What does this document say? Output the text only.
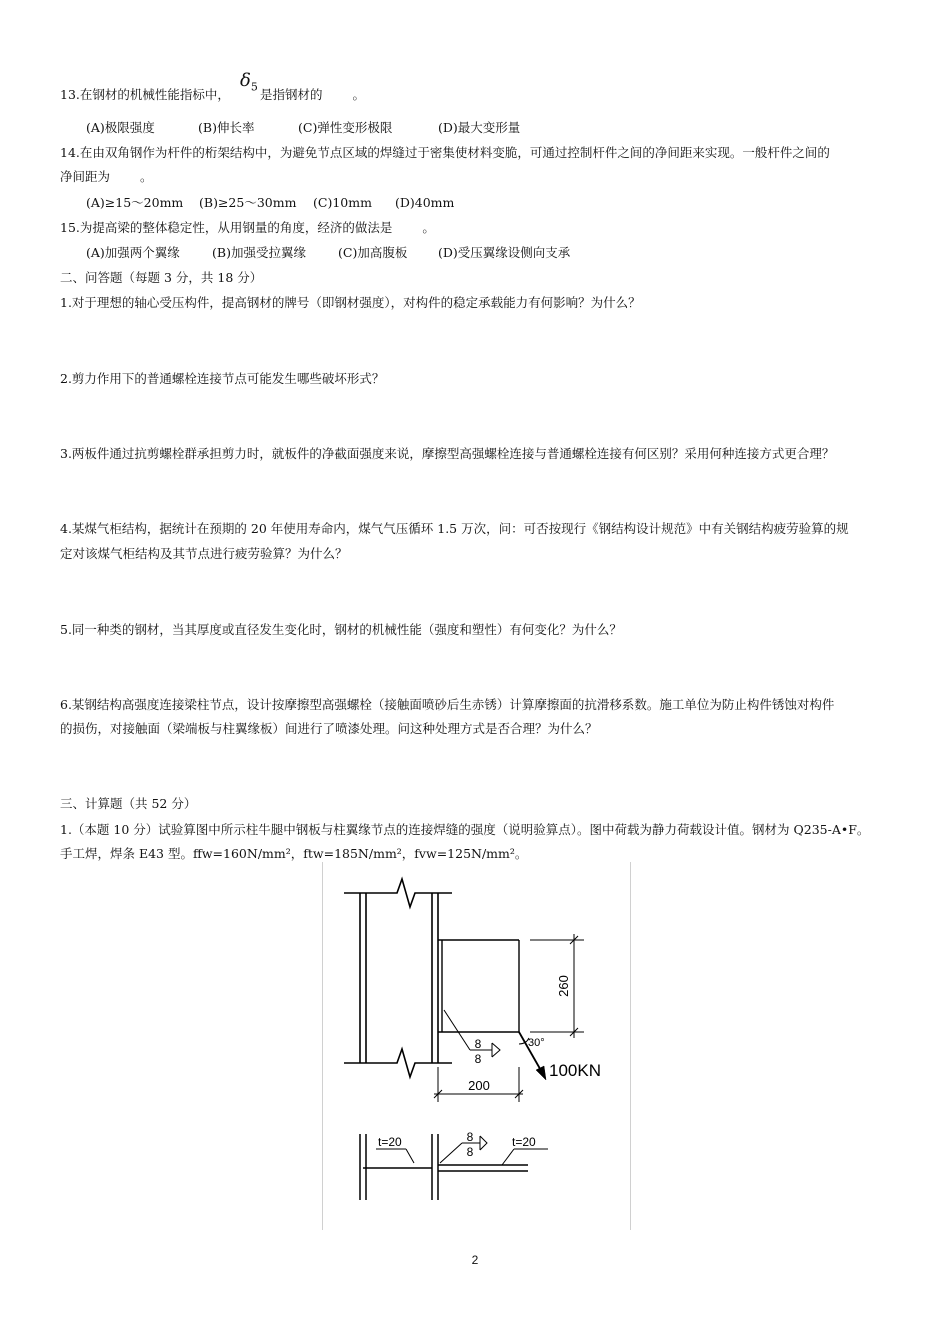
13.在钢材的机械性能指标中，
$\delta_5$ 是指钢材的 。
(A)极限强度	(B)伸长率	(C)弹性变形极限	(D)最大变形量
14.在由双角钢作为杆件的桁架结构中，为避免节点区域的焊缝过于密集使材料变脆，可通过控制杆件之间的净间距来实现。一般杆件之间的
净间距为 。
(A)≥15～20mm (B)≥25～30mm (C)10mm (D)40mm
15.为提高梁的整体稳定性，从用钢量的角度，经济的做法是 。
(A)加强两个翼缘	(B)加强受拉翼缘	(C)加高腹板 (D)受压翼缘设侧向支承
二、问答题（每题 3 分，共 18 分）
1.对于理想的轴心受压构件，提高钢材的牌号（即钢材强度），对构件的稳定承载能力有何影响？为什么？
2.剪力作用下的普通螺栓连接节点可能发生哪些破坏形式？
3.两板件通过抗剪螺栓群承担剪力时，就板件的净截面强度来说，摩擦型高强螺栓连接与普通螺栓连接有何区别？采用何种连接方式更合理？
4.某煤气柜结构，据统计在预期的 20 年使用寿命内，煤气气压循环 1.5 万次，问：可否按现行《钢结构设计规范》中有关钢结构疲劳验算的规
定对该煤气柜结构及其节点进行疲劳验算？为什么？
5.同一种类的钢材，当其厚度或直径发生变化时，钢材的机械性能（强度和塑性）有何变化？为什么？
6.某钢结构高强度连接梁柱节点，设计按摩擦型高强螺栓（接触面喷砂后生赤锈）计算摩擦面的抗滑移系数。施工单位为防止构件锈蚀对构件
的损伤，对接触面（梁端板与柱翼缘板）间进行了喷漆处理。问这种处理方式是否合理？为什么？
三、计算题（共 52 分）
1.（本题 10 分）试验算图中所示柱牛腿中钢板与柱翼缘节点的连接焊缝的强度（说明验算点）。图中荷载为静力荷载设计值。钢材为 Q235-A•F。
手工焊，焊条 E43 型。ffw=160N/mm²，ftw=185N/mm²，fvw=125N/mm²。
260
30°
100KN
8
8
200
t=20	8
8
t=20
2
